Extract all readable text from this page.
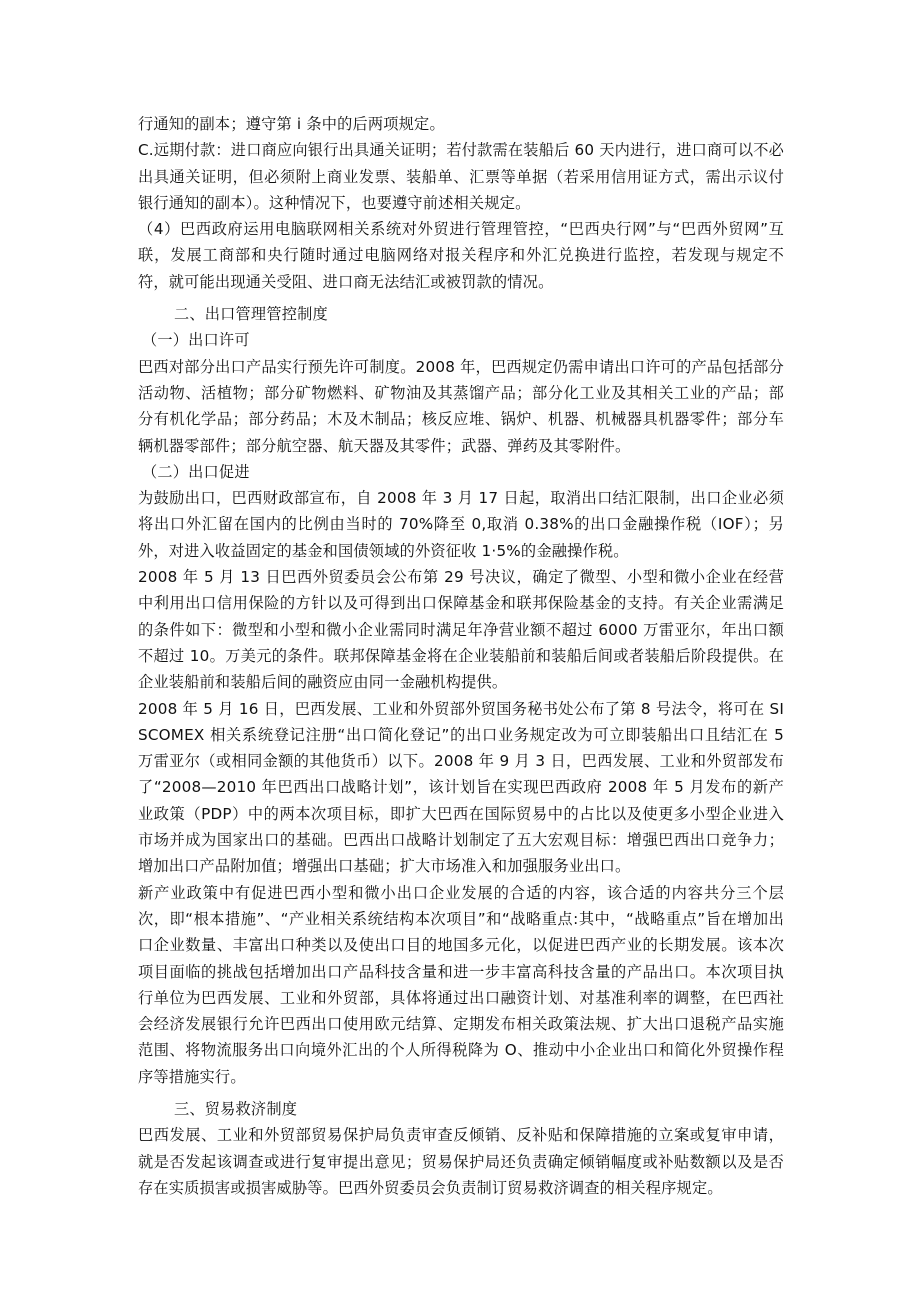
行通知的副本；遵守第 i 条中的后两项规定。

C.远期付款：进口商应向银行出具通关证明；若付款需在装船后 60 天内进行，进口商可以不必出具通关证明，但必须附上商业发票、装船单、汇票等单据（若采用信用证方式，需出示议付银行通知的副本）。这种情况下，也要遵守前述相关规定。

（4）巴西政府运用电脑联网相关系统对外贸进行管理管控，“巴西央行网”与“巴西外贸网”互联，发展工商部和央行随时通过电脑网络对报关程序和外汇兑换进行监控，若发现与规定不符，就可能出现通关受阻、进口商无法结汇或被罚款的情况。

二、出口管理管控制度

（一）出口许可

巴西对部分出口产品实行预先许可制度。2008 年，巴西规定仍需申请出口许可的产品包括部分活动物、活植物；部分矿物燃料、矿物油及其蒸馏产品；部分化工业及其相关工业的产品；部分有机化学品；部分药品；木及木制品；核反应堆、锅炉、机器、机械器具机器零件；部分车辆机器零部件；部分航空器、航天器及其零件；武器、弹药及其零附件。

（二）出口促进

为鼓励出口，巴西财政部宣布，自 2008 年 3 月 17 日起，取消出口结汇限制，出口企业必须将出口外汇留在国内的比例由当时的 70%降至 0,取消 0.38%的出口金融操作税（IOF）；另外，对进入收益固定的基金和国债领域的外资征收 1·5%的金融操作税。

2008 年 5 月 13 日巴西外贸委员会公布第 29 号决议，确定了微型、小型和微小企业在经营中利用出口信用保险的方针以及可得到出口保障基金和联邦保险基金的支持。有关企业需满足的条件如下：微型和小型和微小企业需同时满足年净营业额不超过 6000 万雷亚尔，年出口额不超过 10。万美元的条件。联邦保障基金将在企业装船前和装船后间或者装船后阶段提供。在企业装船前和装船后间的融资应由同一金融机构提供。

2008 年 5 月 16 日，巴西发展、工业和外贸部外贸国务秘书处公布了第 8 号法令，将可在 SISCOMEX 相关系统登记注册“出口简化登记”的出口业务规定改为可立即装船出口且结汇在 5 万雷亚尔（或相同金额的其他货币）以下。2008 年 9 月 3 日，巴西发展、工业和外贸部发布了“2008—2010 年巴西出口战略计划”，该计划旨在实现巴西政府 2008 年 5 月发布的新产业政策（PDP）中的两本次项目标，即扩大巴西在国际贸易中的占比以及使更多小型企业进入市场并成为国家出口的基础。巴西出口战略计划制定了五大宏观目标：增强巴西出口竞争力；增加出口产品附加值；增强出口基础；扩大市场准入和加强服务业出口。

新产业政策中有促进巴西小型和微小出口企业发展的合适的内容，该合适的内容共分三个层次，即“根本措施”、“产业相关系统结构本次项目”和“战略重点:其中，“战略重点”旨在增加出口企业数量、丰富出口种类以及使出口目的地国多元化，以促进巴西产业的长期发展。该本次项目面临的挑战包括增加出口产品科技含量和进一步丰富高科技含量的产品出口。本次项目执行单位为巴西发展、工业和外贸部，具体将通过出口融资计划、对基准利率的调整，在巴西社会经济发展银行允许巴西出口使用欧元结算、定期发布相关政策法规、扩大出口退税产品实施范围、将物流服务出口向境外汇出的个人所得税降为 O、推动中小企业出口和简化外贸操作程序等措施实行。

三、贸易救济制度

巴西发展、工业和外贸部贸易保护局负责审查反倾销、反补贴和保障措施的立案或复审申请，就是否发起该调查或进行复审提出意见；贸易保护局还负责确定倾销幅度或补贴数额以及是否存在实质损害或损害威胁等。巴西外贸委员会负责制订贸易救济调查的相关程序规定。
